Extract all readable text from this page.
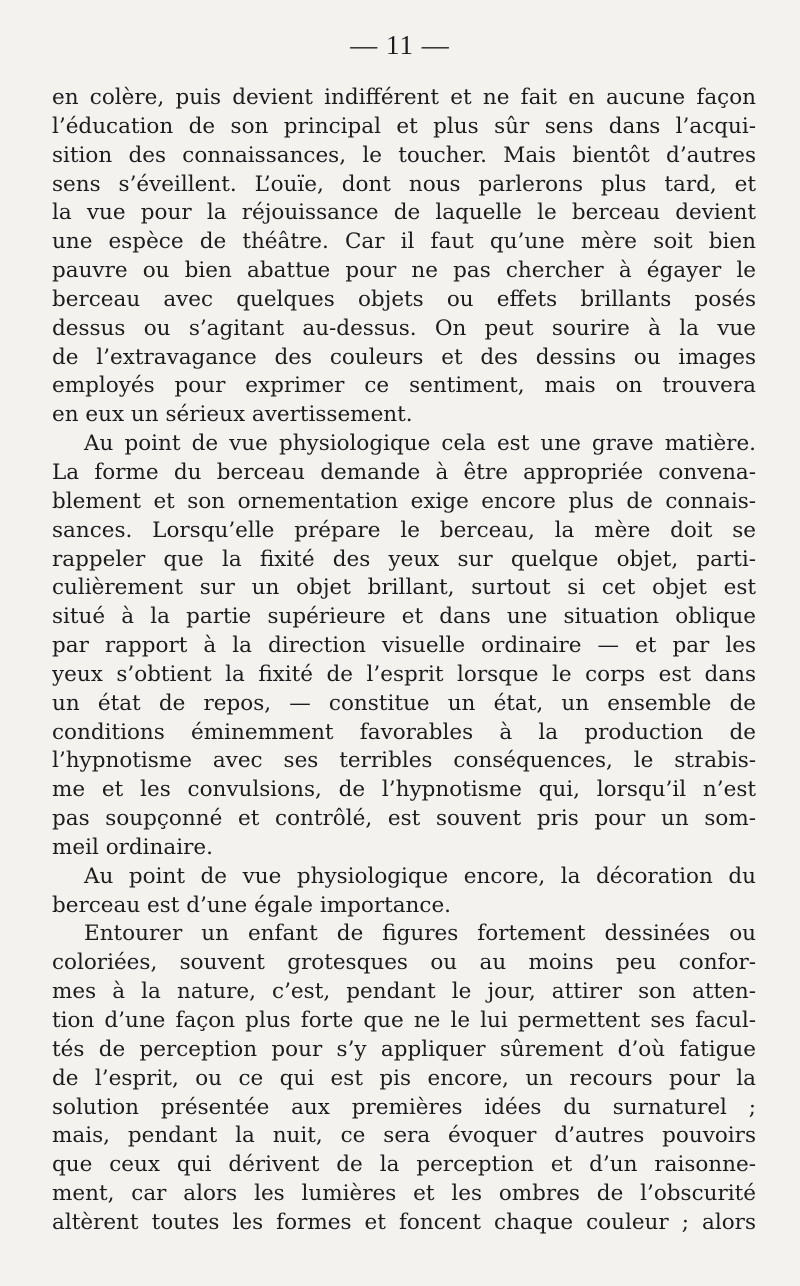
— 11 —
en colère, puis devient indifférent et ne fait en aucune façon
l’éducation de son principal et plus sûr sens dans l’acqui-
sition des connaissances, le toucher. Mais bientôt d’autres
sens s’éveillent. L’ouïe, dont nous parlerons plus tard, et
la vue pour la réjouissance de laquelle le berceau devient
une espèce de théâtre. Car il faut qu’une mère soit bien
pauvre ou bien abattue pour ne pas chercher à égayer le
berceau avec quelques objets ou effets brillants posés
dessus ou s’agitant au-dessus. On peut sourire à la vue
de l’extravagance des couleurs et des dessins ou images
employés pour exprimer ce sentiment, mais on trouvera
en eux un sérieux avertissement.
Au point de vue physiologique cela est une grave matière.
La forme du berceau demande à être appropriée convena-
blement et son ornementation exige encore plus de connais-
sances. Lorsqu’elle prépare le berceau, la mère doit se
rappeler que la fixité des yeux sur quelque objet, parti-
culièrement sur un objet brillant, surtout si cet objet est
situé à la partie supérieure et dans une situation oblique
par rapport à la direction visuelle ordinaire — et par les
yeux s’obtient la fixité de l’esprit lorsque le corps est dans
un état de repos, — constitue un état, un ensemble de
conditions éminemment favorables à la production de
l’hypnotisme avec ses terribles conséquences, le strabis-
me et les convulsions, de l’hypnotisme qui, lorsqu’il n’est
pas soupçonné et contrôlé, est souvent pris pour un som-
meil ordinaire.
Au point de vue physiologique encore, la décoration du
berceau est d’une égale importance.
Entourer un enfant de figures fortement dessinées ou
coloriées, souvent grotesques ou au moins peu confor-
mes à la nature, c’est, pendant le jour, attirer son atten-
tion d’une façon plus forte que ne le lui permettent ses facul-
tés de perception pour s’y appliquer sûrement d’où fatigue
de l’esprit, ou ce qui est pis encore, un recours pour la
solution présentée aux premières idées du surnaturel ;
mais, pendant la nuit, ce sera évoquer d’autres pouvoirs
que ceux qui dérivent de la perception et d’un raisonne-
ment, car alors les lumières et les ombres de l’obscurité
altèrent toutes les formes et foncent chaque couleur ; alors
